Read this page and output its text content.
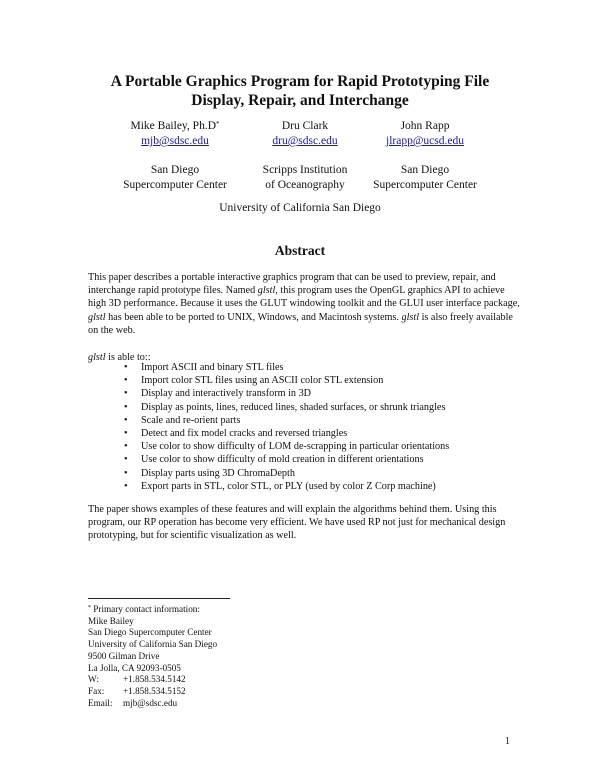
A Portable Graphics Program for Rapid Prototyping File
Display, Repair, and Interchange
Mike Bailey, Ph.D*
mjb@sdsc.edu
San Diego
Supercomputer Center
Dru Clark
dru@sdsc.edu
Scripps Institution
of Oceanography
John Rapp
jlrapp@ucsd.edu
San Diego
Supercomputer Center
University of California San Diego
Abstract

This paper describes a portable interactive graphics program that can be used to preview, repair, and interchange rapid prototype files. Named glstl, this program uses the OpenGL graphics API to achieve high 3D performance. Because it uses the GLUT windowing toolkit and the GLUI user interface package, glstl has been able to be ported to UNIX, Windows, and Macintosh systems. glstl is also freely available on the web.

glstl is able to::

• Import ASCII and binary STL files
• Import color STL files using an ASCII color STL extension
• Display and interactively transform in 3D
• Display as points, lines, reduced lines, shaded surfaces, or shrunk triangles
• Scale and re-orient parts
• Detect and fix model cracks and reversed triangles
• Use color to show difficulty of LOM de-scrapping in particular orientations
• Use color to show difficulty of mold creation in different orientations
• Display parts using 3D ChromaDepth
• Export parts in STL, color STL, or PLY (used by color Z Corp machine)

The paper shows examples of these features and will explain the algorithms behind them. Using this program, our RP operation has become very efficient. We have used RP not just for mechanical design prototyping, but for scientific visualization as well.

* Primary contact information:
Mike Bailey
San Diego Supercomputer Center
University of California San Diego
9500 Gilman Drive
La Jolla, CA 92093-0505
W:	+1.858.534.5142
Fax:	+1.858.534.5152
Email:	mjb@sdsc.edu
1
